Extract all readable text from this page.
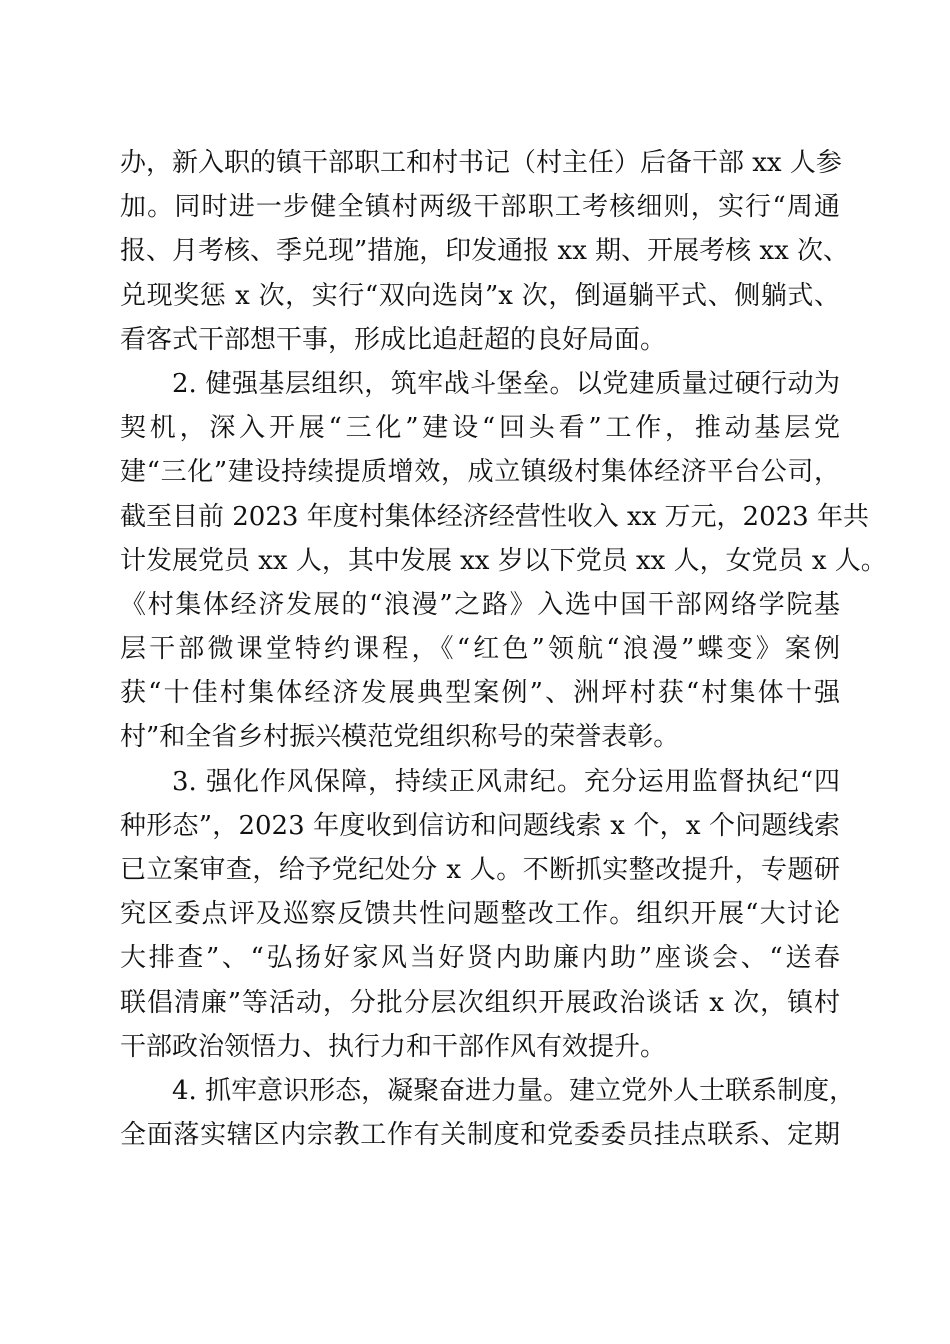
办，新入职的镇干部职工和村书记（村主任）后备干部 xx 人参
加。同时进一步健全镇村两级干部职工考核细则，实行“周通
报、月考核、季兑现”措施，印发通报 xx 期、开展考核 xx 次、
兑现奖惩 x 次，实行“双向选岗”x 次，倒逼躺平式、侧躺式、
看客式干部想干事，形成比追赶超的良好局面。
2. 健强基层组织，筑牢战斗堡垒。以党建质量过硬行动为
契机，深入开展“三化”建设“回头看”工作，推动基层党
建“三化”建设持续提质增效，成立镇级村集体经济平台公司，
截至目前 2023 年度村集体经济经营性收入 xx 万元，2023 年共
计发展党员 xx 人，其中发展 xx 岁以下党员 xx 人，女党员 x 人。
《村集体经济发展的“浪漫”之路》入选中国干部网络学院基
层干部微课堂特约课程，《“红色”领航“浪漫”蝶变》案例
获“十佳村集体经济发展典型案例”、洲坪村获“村集体十强
村”和全省乡村振兴模范党组织称号的荣誉表彰。
3. 强化作风保障，持续正风肃纪。充分运用监督执纪“四
种形态”，2023 年度收到信访和问题线索 x 个，x 个问题线索
已立案审查，给予党纪处分 x 人。不断抓实整改提升，专题研
究区委点评及巡察反馈共性问题整改工作。组织开展“大讨论
大排查”、“弘扬好家风当好贤内助廉内助”座谈会、“送春
联倡清廉”等活动，分批分层次组织开展政治谈话 x 次，镇村
干部政治领悟力、执行力和干部作风有效提升。
4. 抓牢意识形态，凝聚奋进力量。建立党外人士联系制度，
全面落实辖区内宗教工作有关制度和党委委员挂点联系、定期
